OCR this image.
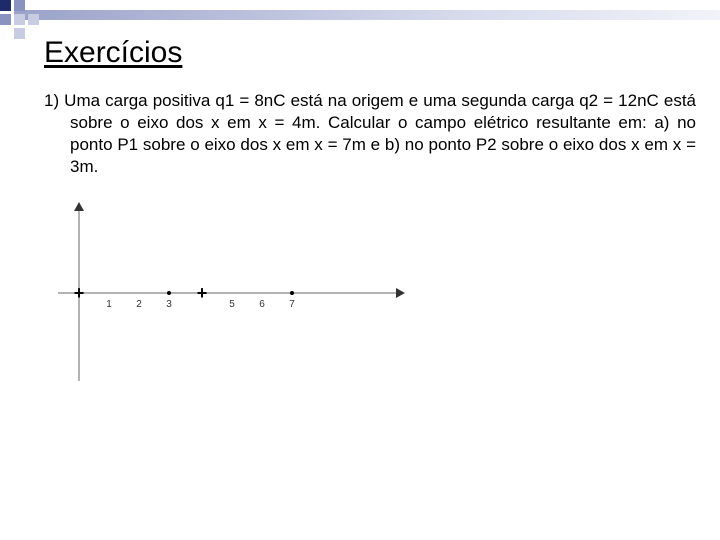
Exercícios

1) Uma carga positiva q1 = 8nC está na origem e uma segunda carga q2 = 12nC está sobre o eixo dos x em x = 4m. Calcular o campo elétrico resultante em: a) no ponto P1 sobre o eixo dos x em x = 7m e b) no ponto P2 sobre o eixo dos x em x = 3m.

1 2 3	5 6 7
+	+
